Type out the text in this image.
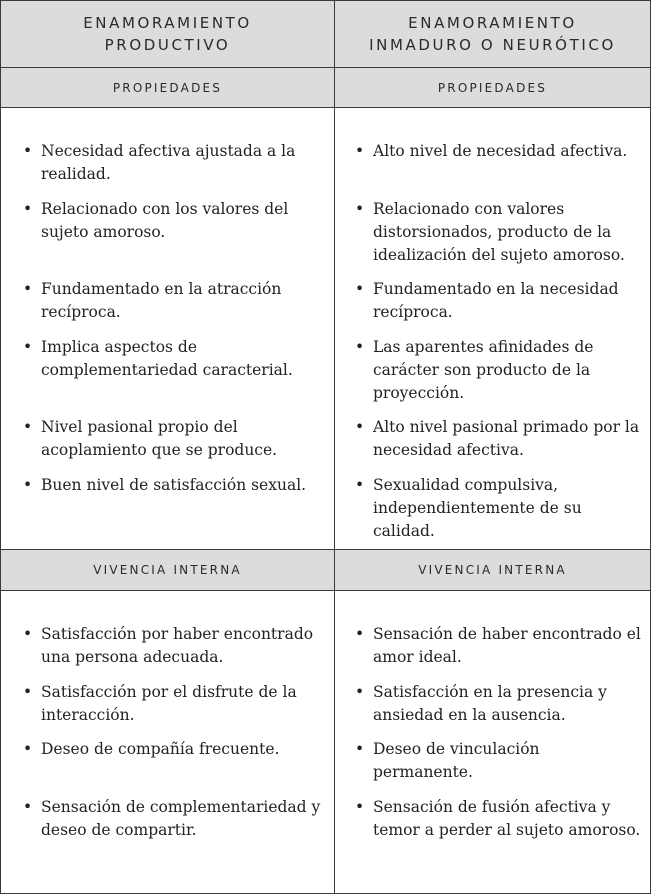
ENAMORAMIENTO
PRODUCTIVO
ENAMORAMIENTO
INMADURO O NEURÓTICO
PROPIEDADES	PROPIEDADES

• Necesidad afectiva ajustada a la realidad.

• Relacionado con los valores del sujeto amoroso.

• Fundamentado en la atracción recíproca.

• Implica aspectos de complementariedad caracterial.

• Nivel pasional propio del acoplamiento que se produce.

• Buen nivel de satisfacción sexual.

• Alto nivel de necesidad afectiva.

• Relacionado con valores distorsionados, producto de la idealización del sujeto amoroso.

• Fundamentado en la necesidad recíproca.

• Las aparentes afinidades de carácter son producto de la proyección.

• Alto nivel pasional primado por la necesidad afectiva.

• Sexualidad compulsiva, independientemente de su calidad.

VIVENCIA INTERNA	VIVENCIA INTERNA

• Satisfacción por haber encontrado una persona adecuada.

• Satisfacción por el disfrute de la interacción.

• Deseo de compañía frecuente.

• Sensación de complementariedad y deseo de compartir.

• Sensación de haber encontrado el amor ideal.

• Satisfacción en la presencia y ansiedad en la ausencia.

• Deseo de vinculación permanente.

• Sensación de fusión afectiva y temor a perder al sujeto amoroso.
